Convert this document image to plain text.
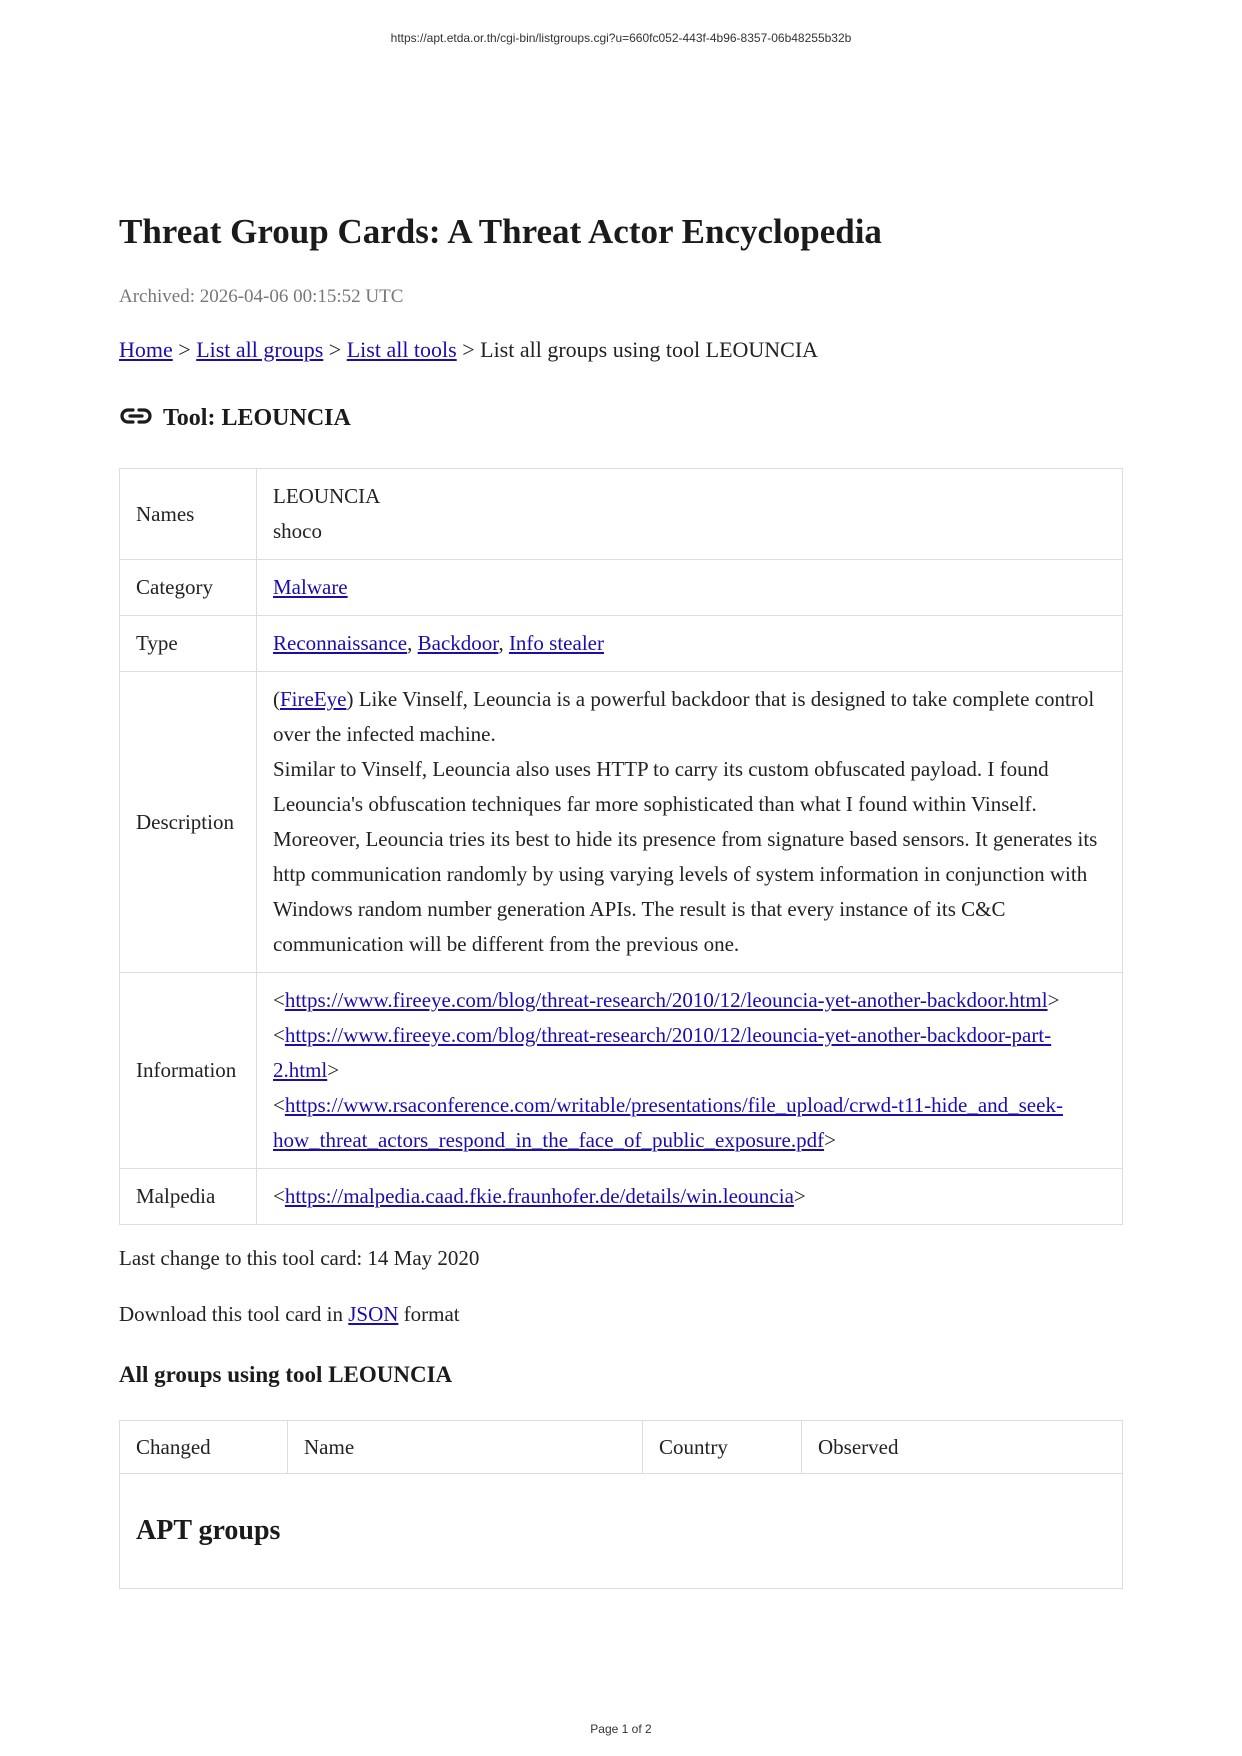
https://apt.etda.or.th/cgi-bin/listgroups.cgi?u=660fc052-443f-4b96-8357-06b48255b32b
Threat Group Cards: A Threat Actor Encyclopedia
Archived: 2026-04-06 00:15:52 UTC
Home > List all groups > List all tools > List all groups using tool LEOUNCIA
Tool: LEOUNCIA
Names	LEOUNCIA
shoco
Category	Malware
Type	Reconnaissance, Backdoor, Info stealer
Description	(FireEye) Like Vinself, Leouncia is a powerful backdoor that is designed to take complete control over the infected machine.
Similar to Vinself, Leouncia also uses HTTP to carry its custom obfuscated payload. I found Leouncia's obfuscation techniques far more sophisticated than what I found within Vinself.
Moreover, Leouncia tries its best to hide its presence from signature based sensors. It generates its http communication randomly by using varying levels of system information in conjunction with Windows random number generation APIs. The result is that every instance of its C&C communication will be different from the previous one.
Information	<https://www.fireeye.com/blog/threat-research/2010/12/leouncia-yet-another-backdoor.html>
<https://www.fireeye.com/blog/threat-research/2010/12/leouncia-yet-another-backdoor-part-2.html>
<https://www.rsaconference.com/writable/presentations/file_upload/crwd-t11-hide_and_seek-how_threat_actors_respond_in_the_face_of_public_exposure.pdf>
Malpedia	<https://malpedia.caad.fkie.fraunhofer.de/details/win.leouncia>
Last change to this tool card: 14 May 2020
Download this tool card in JSON format
All groups using tool LEOUNCIA
Changed	Name	Country	Observed
APT groups
Page 1 of 2
